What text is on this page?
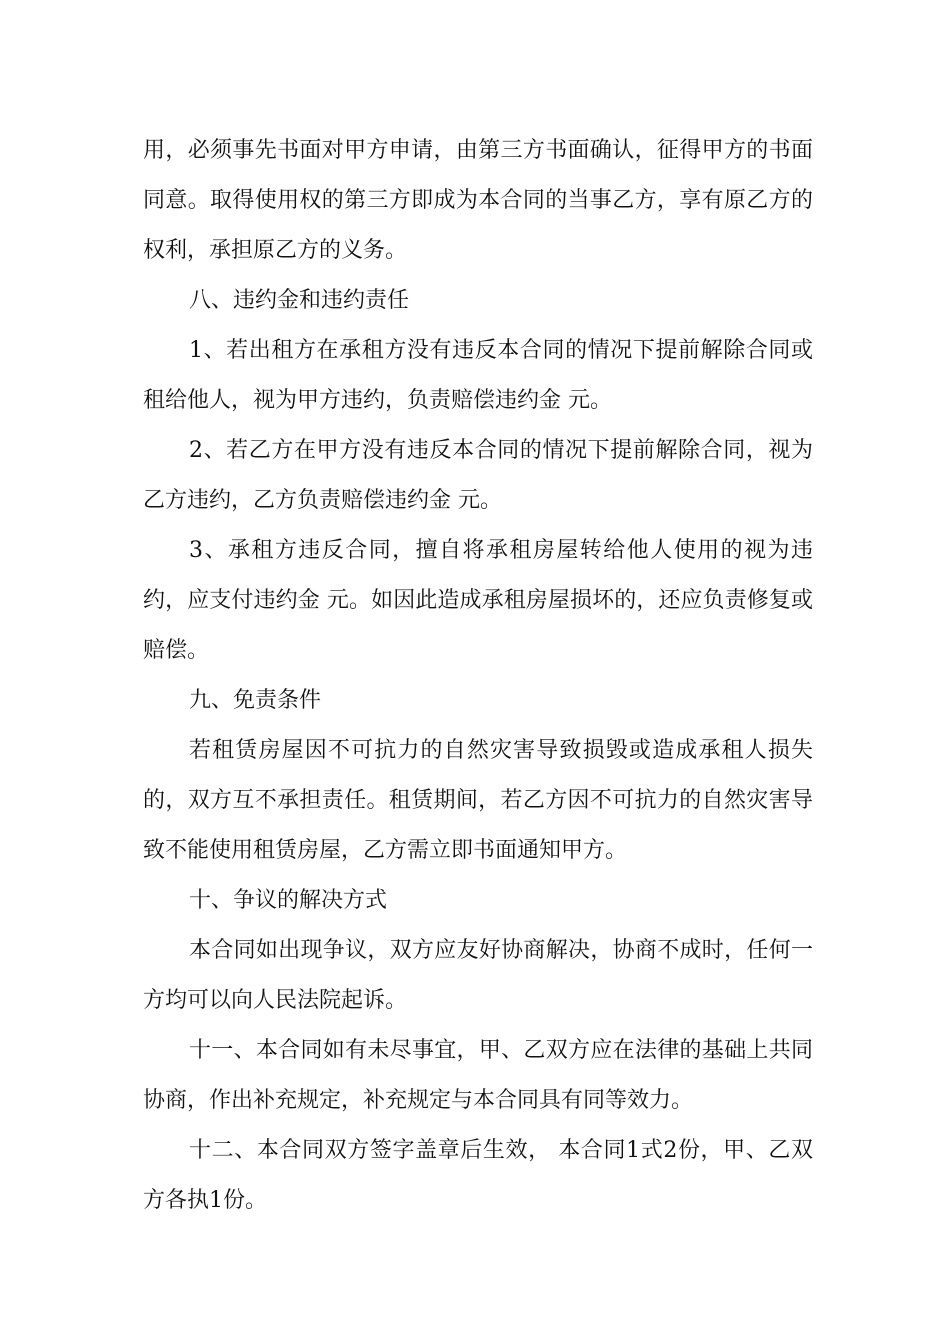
用，必须事先书面对甲方申请，由第三方书面确认，征得甲方的书面同意。取得使用权的第三方即成为本合同的当事乙方，享有原乙方的权利，承担原乙方的义务。

八、违约金和违约责任

1、若出租方在承租方没有违反本合同的情况下提前解除合同或租给他人，视为甲方违约，负责赔偿违约金 元。

2、若乙方在甲方没有违反本合同的情况下提前解除合同，视为乙方违约，乙方负责赔偿违约金 元。

3、承租方违反合同，擅自将承租房屋转给他人使用的视为违约，应支付违约金 元。如因此造成承租房屋损坏的，还应负责修复或赔偿。

九、免责条件

若租赁房屋因不可抗力的自然灾害导致损毁或造成承租人损失的，双方互不承担责任。租赁期间，若乙方因不可抗力的自然灾害导致不能使用租赁房屋，乙方需立即书面通知甲方。

十、争议的解决方式

本合同如出现争议，双方应友好协商解决，协商不成时，任何一方均可以向人民法院起诉。

十一、本合同如有未尽事宜，甲、乙双方应在法律的基础上共同协商，作出补充规定，补充规定与本合同具有同等效力。

十二、本合同双方签字盖章后生效， 本合同1式2份，甲、乙双方各执1份。
